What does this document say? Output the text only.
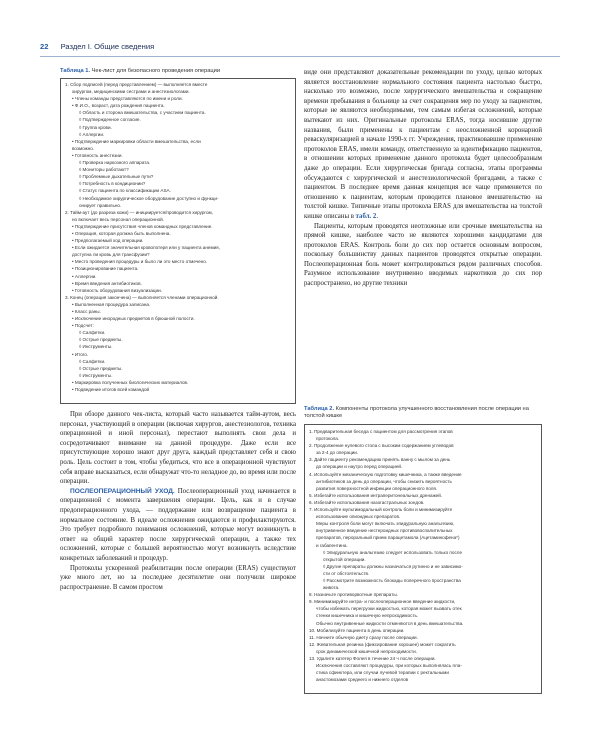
22 Раздел I. Общие сведения
Таблица 1. Чек-лист для безопасного проведения операции
1. Сбор подписей (перед представлением) — выполняется вместе
хирургом, медицинскими сестрами и анестезиологами.
• Члены команды представляются по имени и роли.
• Ф.И.О., возраст, дата рождения пациента.
◊ Область и сторона вмешательства, с участием пациента.
◊ Подтвержденное согласие.
◊ Группа крови.
◊ Аллергии.
• Подтверждение маркировки области вмешательства, если
возможно.
• Готовность анестезии.
◊ Проверка наркозного аппарата.
◊ Мониторы работают?
◊ Проблемные дыхательные пути?
◊ Потребность в кондиционии?
◊ Статус пациента по классификации ASA.
◊ Необходимое хирургическое оборудование доступно и функци-
онирует правильно.
2. Тайм-аут (до разреза кожи) — инициируется/проводится хирургом,
но включает весь персонал операционной.
• Подтверждение присутствия членов командных представление.
• Операция, которая должна быть выполнена.
• Предполагаемый ход операции.
• Если ожидается значительная кровопотеря или у пациента анемия,
доступна ли кровь для трансфузии?
• Место проведения процедуры и было ли это место отмечено.
• Позиционирование пациента.
• Аллергии.
• Время введения антибиотиков.
• Готовность оборудования визуализации.
3. Конец (операция закончена) — выполняется членами операционной.
• Выполненная процедура записана.
• Класс раны.
• Исключение инородных предметов в брюшной полости.
• Подсчет:
◊ Салфетки.
◊ Острые предметы.
◊ Инструменты.
• Итого.
◊ Салфетки.
◊ Острые предметы.
◊ Инструменты.
• Маркировка полученных биологических материалов.
• Подведение итогов всей командой
Таблица 2. Компоненты протокола улучшенного восстановления после операции на толстой кишке
1. Предварительная беседа с пациентом для рассмотрения этапов
протокола.
2. Продолжение нулевого стола с высоким содержанием углеводов
за 2-4 до операции.
3. Дайте пациенту рекомендацию принять ванну с мылом за день
до операции и наутро перед операцией.
4. Используйте механическую подготовку кишечника, а также введение
антибиотиков за день до операции, чтобы снизить вероятность
развития поверхностной инфекции операционного поля.
5. Избегайте использования интраперитонеальных дренажей.
6. Избегайте использования назогастральных зондов.
7. Используйте мультимодальный контроль боли и минимизируйте
использование опиоидных препаратов.
Меры контроля боли могут включать эпидуральную анальгезию,
внутривенное введение нестероидных противовоспалительных
препаратов, пероральный прием парацетамола (Ацетаминофена*)
и габапентина.
◊ Эпидуральную анальгезию следует использовать только после
открытой операции.
◊ Другие препараты должны назначаться рутинно и не зависимо-
сти от обстоятельств.
◊ Рассмотрите возможность блокады поперечного пространства
живота.
8. Назначьте противорвотные препараты.
9. Минимизируйте интра- и послеоперационное введение жидкости,
чтобы избежать перегрузки жидкостью, которая может вызвать отек
стенки кишечника и кишечную непроходимость.
Обычно внутривенные жидкости отменяются в день вмешательства.
10. Мобилизуйте пациента в день операции.
11. Начните обычную диету сразу после операции.
12. Жевательная резинка (фиксирование хорошее) может сократить
срок динамической кишечной непроходимости.
13. Удалите катетер Фолея в течение 24 ч после операции.
Исключения составляют процедуры, при которых выполнялась пла-
стика сфинктера, или случаи лучевой терапии с ректальными
анастомозами среднего и нижнего отделов

При обзоре данного чек-листа, который часто называется тайм-аутом, весь персонал, участвующий в операции (включая хирургов, анестезиологов, техника операционной и иной персонал), перестают выполнять свои дела и сосредотачивают внимание на данной процедуре. Даже если все присутствующие хорошо знают друг друга, каждый представляет себя и свою роль. Цель состоит в том, чтобы убедиться, что все в операционной чувствуют себя вправе высказаться, если обнаружат что-то неладное до, во время или после операции.

ПОСЛЕОПЕРАЦИОННЫЙ УХОД. Послеоперационный уход начинается в операционной с момента завершения операции. Цель, как и в случае предоперационного ухода, — поддержание или возвращение пациента в нормальное состояние. В идеале осложнения ожидаются и профилактируются. Это требует подробного понимания осложнений, которые могут возникнуть в ответ на общий характер после хирургической операции, а также тех осложнений, которые с большей вероятностью могут возникнуть вследствие конкретных заболеваний и процедур.

Протоколы ускоренной реабилитации после операции (ERAS) существуют уже много лет, но за последнее десятилетие они получили широкое распространение. В самом простом

виде они представляют доказательные рекомендации по уходу, целью которых является восстановление нормального состояния пациента настолько быстро, насколько это возможно, после хирургического вмешательства и сокращение времени пребывания в больнице за счет сокращения мер по уходу за пациентом, которые не являются необходимыми, тем самым избегая осложнений, которые вытекают из них. Оригинальные протоколы ERAS, тогда носившие другие названия, были применены к пациентам с неосложненной коронарной реваскуляризацией в начале 1990-х гг. Учреждения, практиковавшие применение протоколов ERAS, имели команду, ответственную за идентификацию пациентов, в отношении которых применение данного протокола будет целесообразным даже до операции. Если хирургическая бригада согласна, этапы программы обсуждаются с хирургической и анестезиологической бригадами, а также с пациентом. В последнее время данная концепция все чаще применяется по отношению к пациентам, которым проводится плановое вмешательство на толстой кишке. Типичные этапы протокола ERAS для вмешательства на толстой кишке описаны в табл. 2.

Пациенты, которым проводятся неотложные или срочные вмешательства на прямой кишке, наиболее часто не являются хорошими кандидатами для протоколов ERAS. Контроль боли до сих пор остается основным вопросом, поскольку большинству данных пациентов проводятся открытые операции. Послеоперационная боль может контролироваться рядом различных способов. Разумное использование внутривенно вводимых наркотиков до сих пор распространено, но другие техники
